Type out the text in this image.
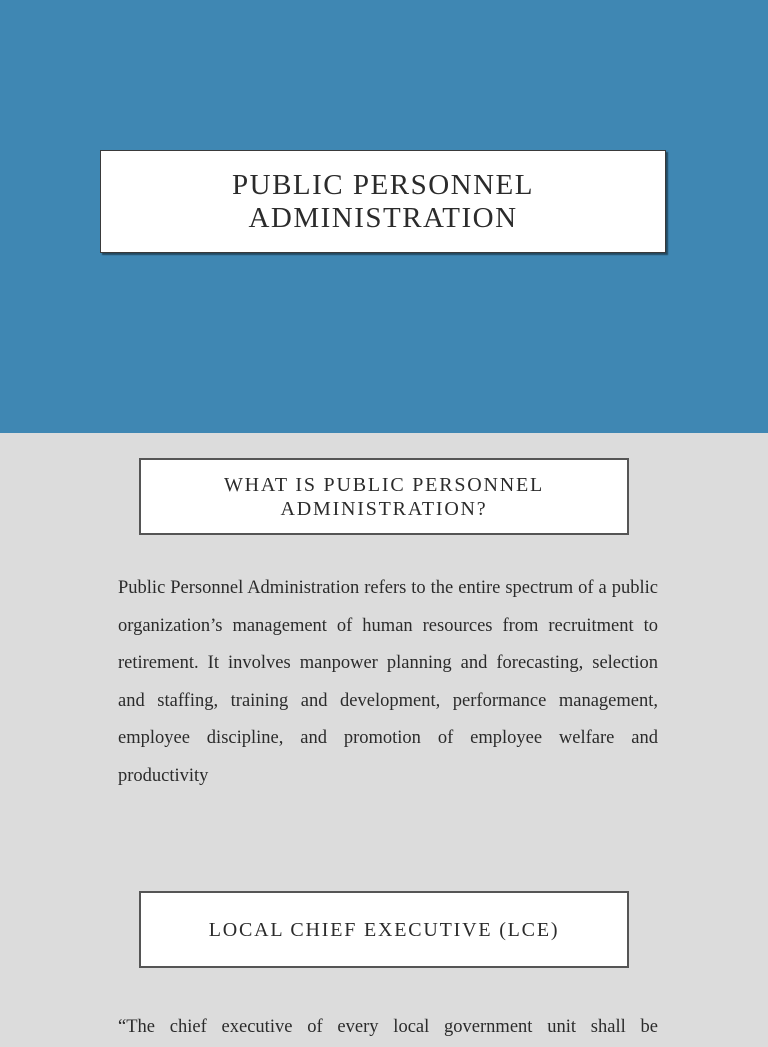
PUBLIC PERSONNEL
ADMINISTRATION
WHAT IS PUBLIC PERSONNEL
ADMINISTRATION?

Public Personnel Administration refers to the entire spectrum of a public organization’s management of human resources from recruitment to retirement. It involves manpower planning and forecasting, selection and staffing, training and development, performance management, employee discipline, and promotion of employee welfare and productivity

LOCAL CHIEF EXECUTIVE (LCE)

“The chief executive of every local government unit shall be
